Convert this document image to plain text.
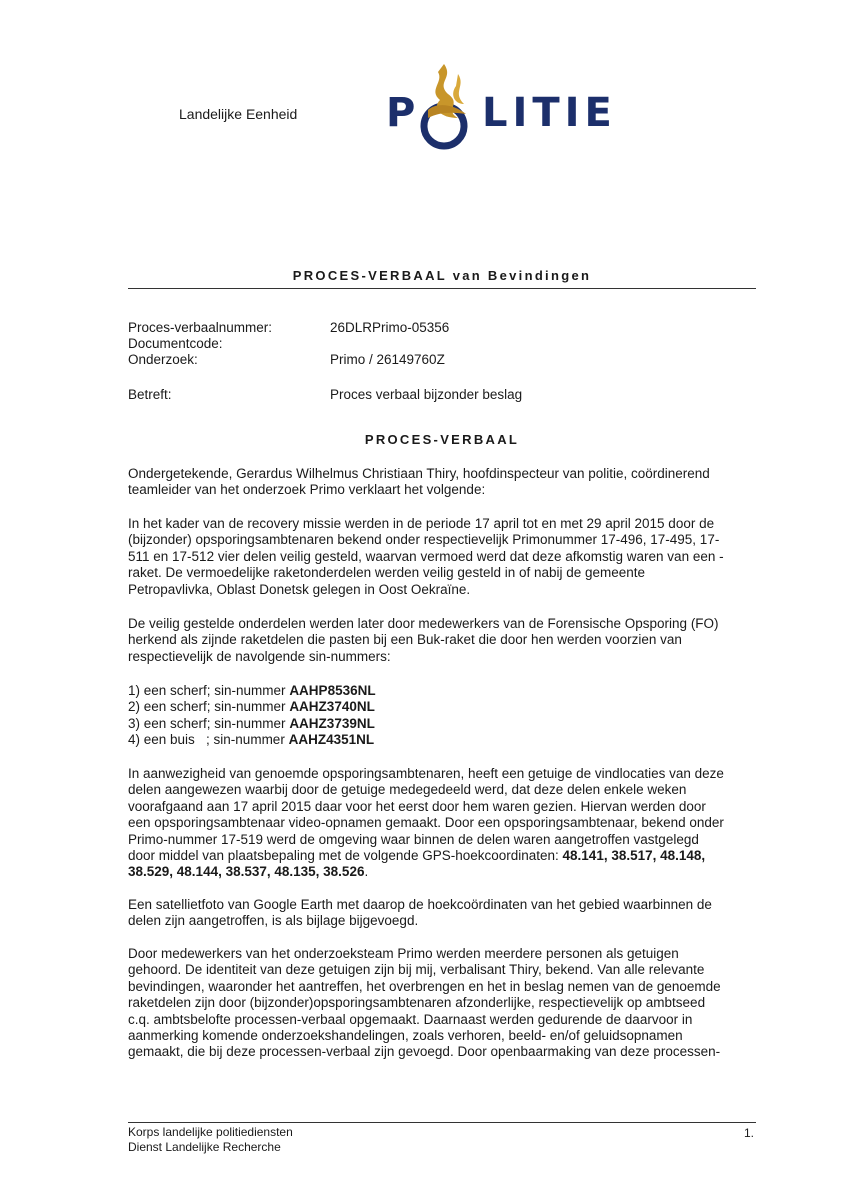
Landelijke Eenheid P LITIE
PROCES-VERBAAL van Bevindingen
Proces-verbaalnummer:	26DLRPrimo-05356
Documentcode:
Onderzoek:	Primo / 26149760Z
Betreft:	Proces verbaal bijzonder beslag
PROCES-VERBAAL
Ondergetekende, Gerardus Wilhelmus Christiaan Thiry, hoofdinspecteur van politie, coördinerend
teamleider van het onderzoek Primo verklaart het volgende:
In het kader van de recovery missie werden in de periode 17 april tot en met 29 april 2015 door de
(bijzonder) opsporingsambtenaren bekend onder respectievelijk Primonummer 17-496, 17-495, 17-
511 en 17-512 vier delen veilig gesteld, waarvan vermoed werd dat deze afkomstig waren van een -
raket. De vermoedelijke raketonderdelen werden veilig gesteld in of nabij de gemeente
Petropavlivka, Oblast Donetsk gelegen in Oost Oekraïne.
De veilig gestelde onderdelen werden later door medewerkers van de Forensische Opsporing (FO)
herkend als zijnde raketdelen die pasten bij een Buk-raket die door hen werden voorzien van
respectievelijk de navolgende sin-nummers:
1) een scherf; sin-nummer AAHP8536NL
2) een scherf; sin-nummer AAHZ3740NL
3) een scherf; sin-nummer AAHZ3739NL
4) een buis   ; sin-nummer AAHZ4351NL
In aanwezigheid van genoemde opsporingsambtenaren, heeft een getuige de vindlocaties van deze
delen aangewezen waarbij door de getuige medegedeeld werd, dat deze delen enkele weken
voorafgaand aan 17 april 2015 daar voor het eerst door hem waren gezien. Hiervan werden door
een opsporingsambtenaar video-opnamen gemaakt. Door een opsporingsambtenaar, bekend onder
Primo-nummer 17-519 werd de omgeving waar binnen de delen waren aangetroffen vastgelegd
door middel van plaatsbepaling met de volgende GPS-hoekcoordinaten: 48.141, 38.517, 48.148,
38.529, 48.144, 38.537, 48.135, 38.526.
Een satellietfoto van Google Earth met daarop de hoekcoördinaten van het gebied waarbinnen de
delen zijn aangetroffen, is als bijlage bijgevoegd.
Door medewerkers van het onderzoeksteam Primo werden meerdere personen als getuigen
gehoord. De identiteit van deze getuigen zijn bij mij, verbalisant Thiry, bekend. Van alle relevante
bevindingen, waaronder het aantreffen, het overbrengen en het in beslag nemen van de genoemde
raketdelen zijn door (bijzonder)opsporingsambtenaren afzonderlijke, respectievelijk op ambtseed
c.q. ambtsbelofte processen-verbaal opgemaakt. Daarnaast werden gedurende de daarvoor in
aanmerking komende onderzoekshandelingen, zoals verhoren, beeld- en/of geluidsopnamen
gemaakt, die bij deze processen-verbaal zijn gevoegd. Door openbaarmaking van deze processen-
Korps landelijke politiediensten
Dienst Landelijke Recherche
1.
